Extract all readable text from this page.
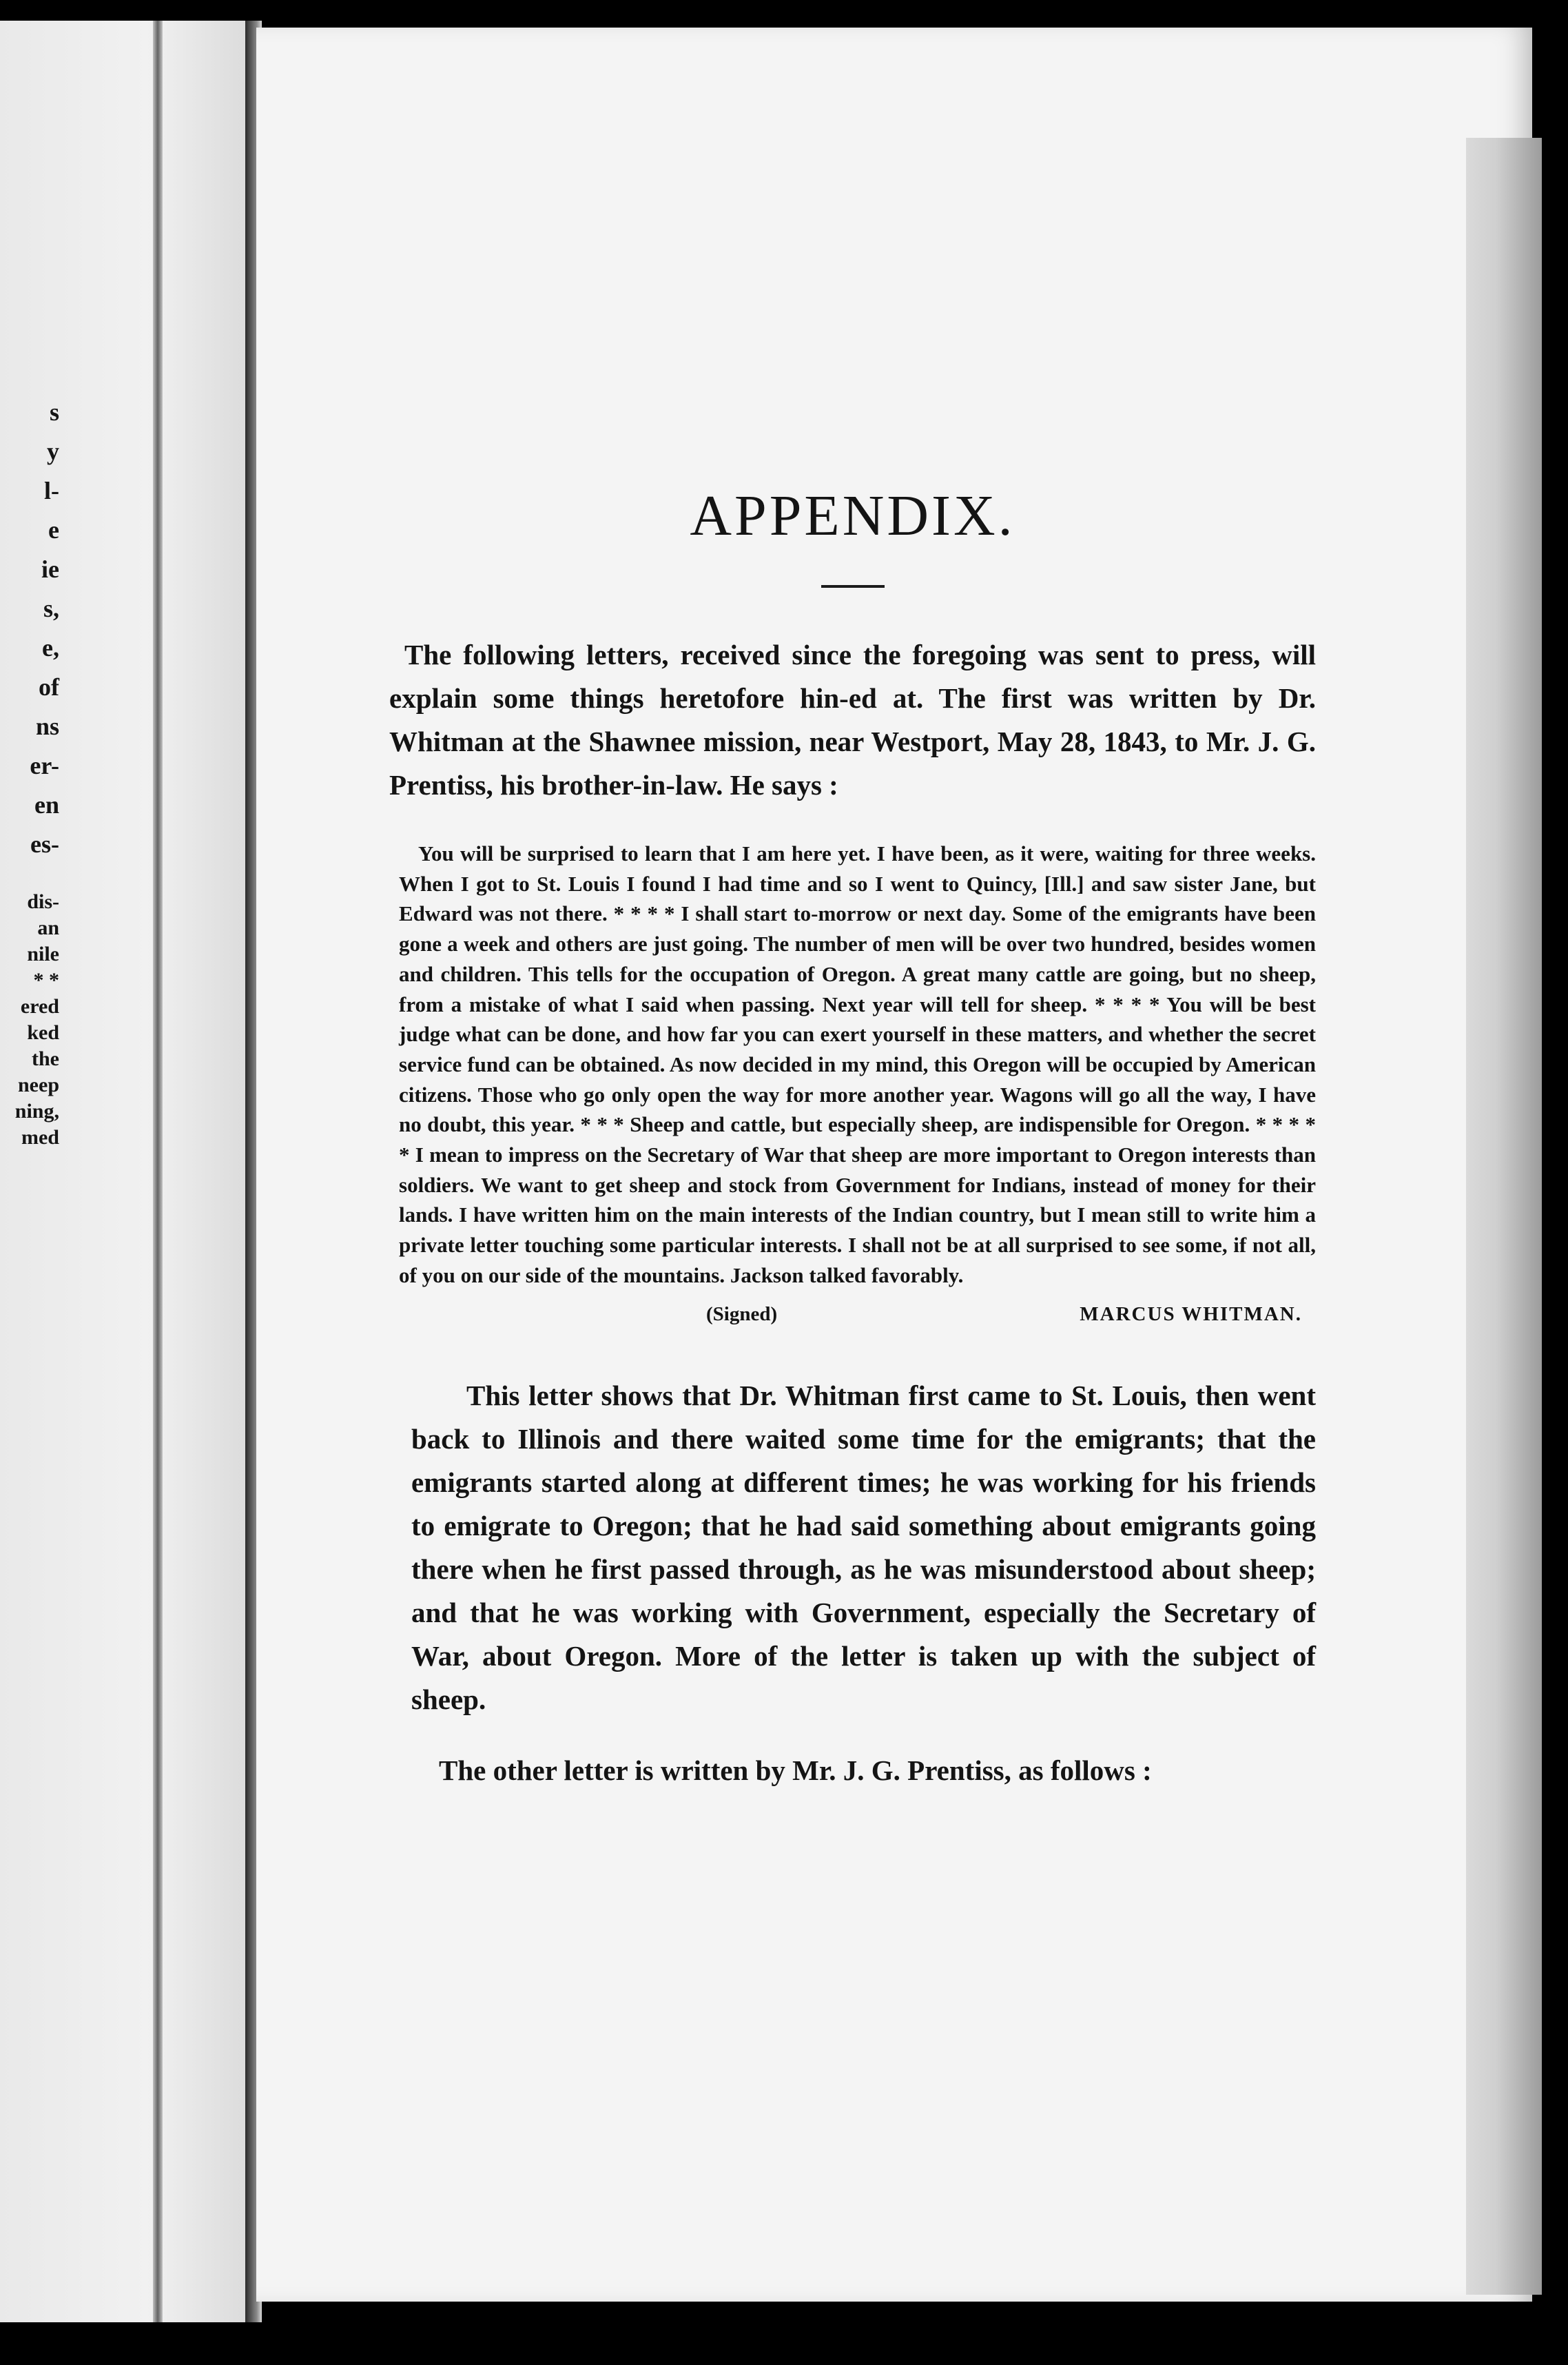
s
y
l-
e
ie
s,
e,
of
ns
er-
en
es-
dis-
an
nile
* *
ered
ked
the
neep
ning,
med
APPENDIX.

The following letters, received since the foregoing was sent to press, will explain some things heretofore hin-ed at. The first was written by Dr. Whitman at the Shawnee mission, near Westport, May 28, 1843, to Mr. J. G. Prentiss, his brother-in-law. He says :

You will be surprised to learn that I am here yet. I have been, as it were, waiting for three weeks. When I got to St. Louis I found I had time and so I went to Quincy, [Ill.] and saw sister Jane, but Edward was not there. * * * * I shall start to-morrow or next day. Some of the emigrants have been gone a week and others are just going. The number of men will be over two hundred, besides women and children. This tells for the occupation of Oregon. A great many cattle are going, but no sheep, from a mistake of what I said when passing. Next year will tell for sheep. * * * * You will be best judge what can be done, and how far you can exert yourself in these matters, and whether the secret service fund can be obtained. As now decided in my mind, this Oregon will be occupied by American citizens. Those who go only open the way for more another year. Wagons will go all the way, I have no doubt, this year. * * * Sheep and cattle, but especially sheep, are indispensible for Oregon. * * * * * I mean to impress on the Secretary of War that sheep are more important to Oregon interests than soldiers. We want to get sheep and stock from Government for Indians, instead of money for their lands. I have written him on the main interests of the Indian country, but I mean still to write him a private letter touching some particular interests. I shall not be at all surprised to see some, if not all, of you on our side of the mountains. Jackson talked favorably.

(Signed)	MARCUS WHITMAN.

This letter shows that Dr. Whitman first came to St. Louis, then went back to Illinois and there waited some time for the emigrants; that the emigrants started along at different times; he was working for his friends to emigrate to Oregon; that he had said something about emigrants going there when he first passed through, as he was misunderstood about sheep; and that he was working with Government, especially the Secretary of War, about Oregon. More of the letter is taken up with the subject of sheep.

The other letter is written by Mr. J. G. Prentiss, as follows :
